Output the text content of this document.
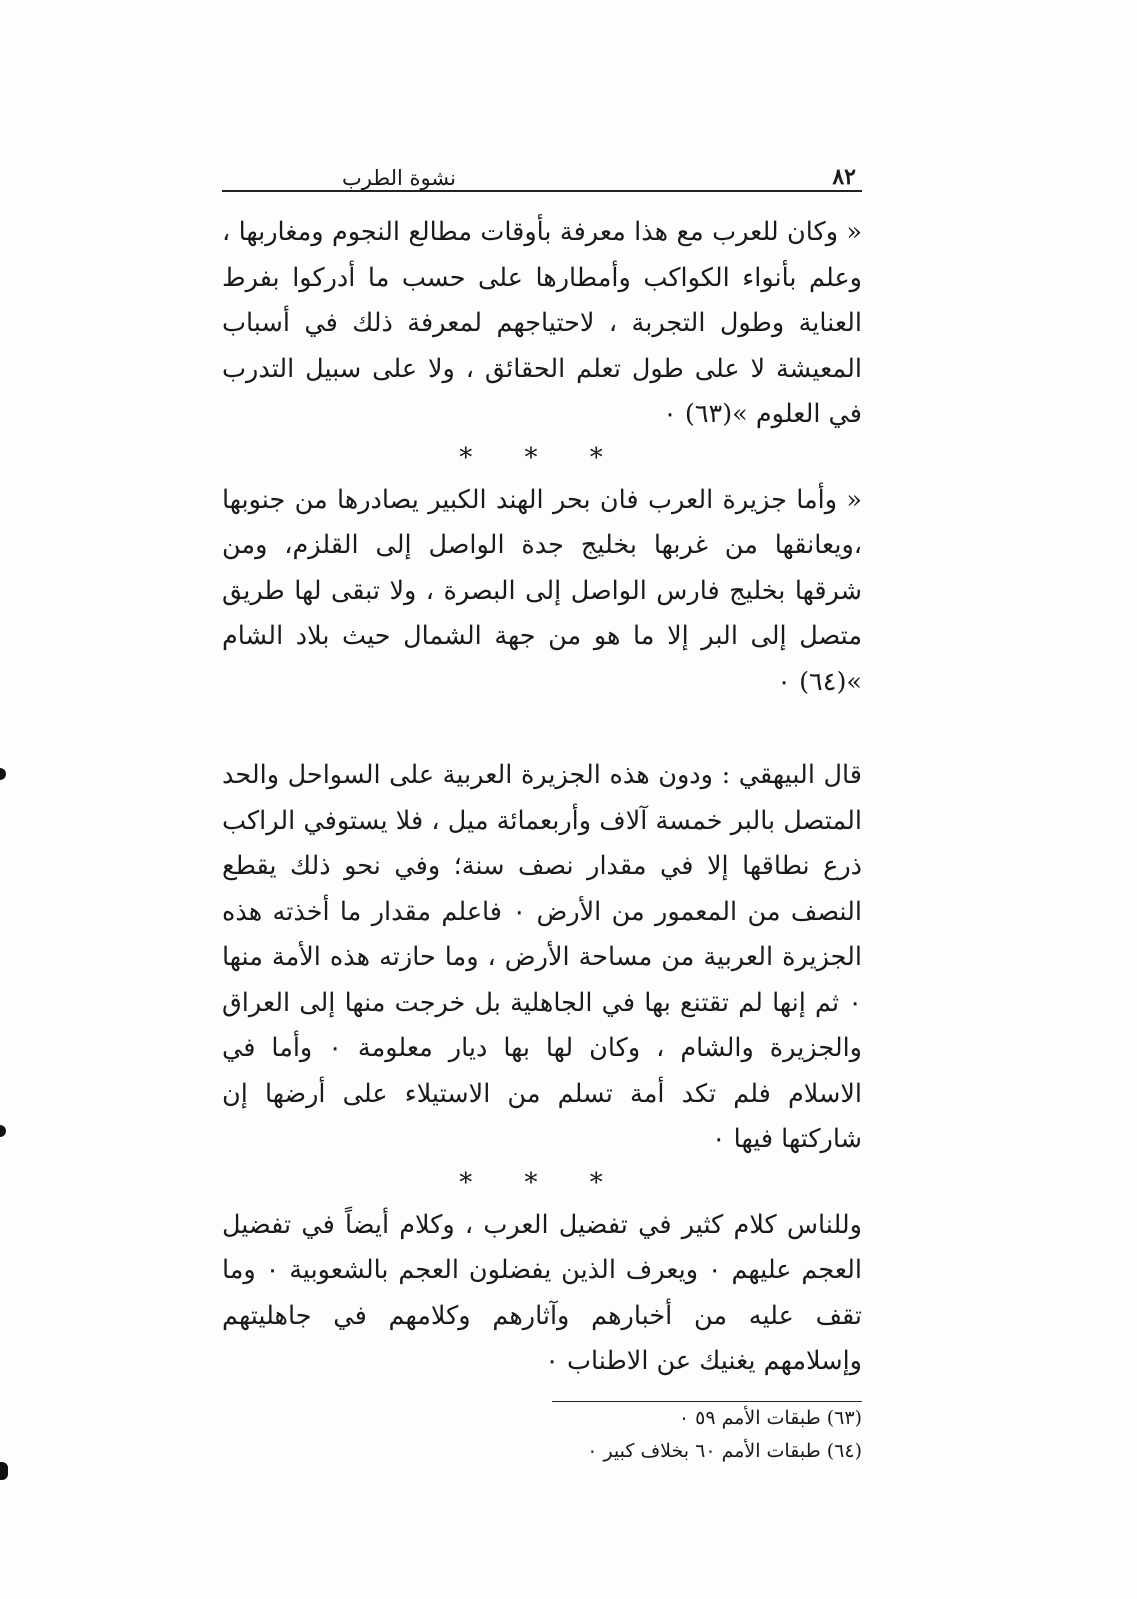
٨٢
نشوة الطرب

« وكان للعرب مع هذا معرفة بأوقات مطالع النجوم ومغاربها ، وعلم بأنواء الكواكب وأمطارها على حسب ما أدركوا بفرط العناية وطول التجربة ، لاحتياجهم لمعرفة ذلك في أسباب المعيشة لا على طول تعلم الحقائق ، ولا على سبيل التدرب في العلوم »(٦٣) ٠

* * *

« وأما جزيرة العرب فان بحر الهند الكبير يصادرها من جنوبها ،ويعانقها من غربها بخليج جدة الواصل إلى القلزم، ومن شرقها بخليج فارس الواصل إلى البصرة ، ولا تبقى لها طريق متصل إلى البر إلا ما هو من جهة الشمال حيث بلاد الشام »(٦٤) ٠

قال البيهقي : ودون هذه الجزيرة العربية على السواحل والحد المتصل بالبر خمسة آلاف وأربعمائة ميل ، فلا يستوفي الراكب ذرع نطاقها إلا في مقدار نصف سنة؛ وفي نحو ذلك يقطع النصف من المعمور من الأرض ٠ فاعلم مقدار ما أخذته هذه الجزيرة العربية من مساحة الأرض ، وما حازته هذه الأمة منها ٠ ثم إنها لم تقتنع بها في الجاهلية بل خرجت منها إلى العراق والجزيرة والشام ، وكان لها بها ديار معلومة ٠ وأما في الاسلام فلم تكد أمة تسلم من الاستيلاء على أرضها إن شاركتها فيها ٠

* * *

وللناس كلام كثير في تفضيل العرب ، وكلام أيضاً في تفضيل العجم عليهم ٠ ويعرف الذين يفضلون العجم بالشعوبية ٠ وما تقف عليه من أخبارهم وآثارهم وكلامهم في جاهليتهم وإسلامهم يغنيك عن الاطناب ٠

(٦٣) طبقات الأمم ٥٩ ٠

(٦٤) طبقات الأمم ٦٠ بخلاف كبير ٠
